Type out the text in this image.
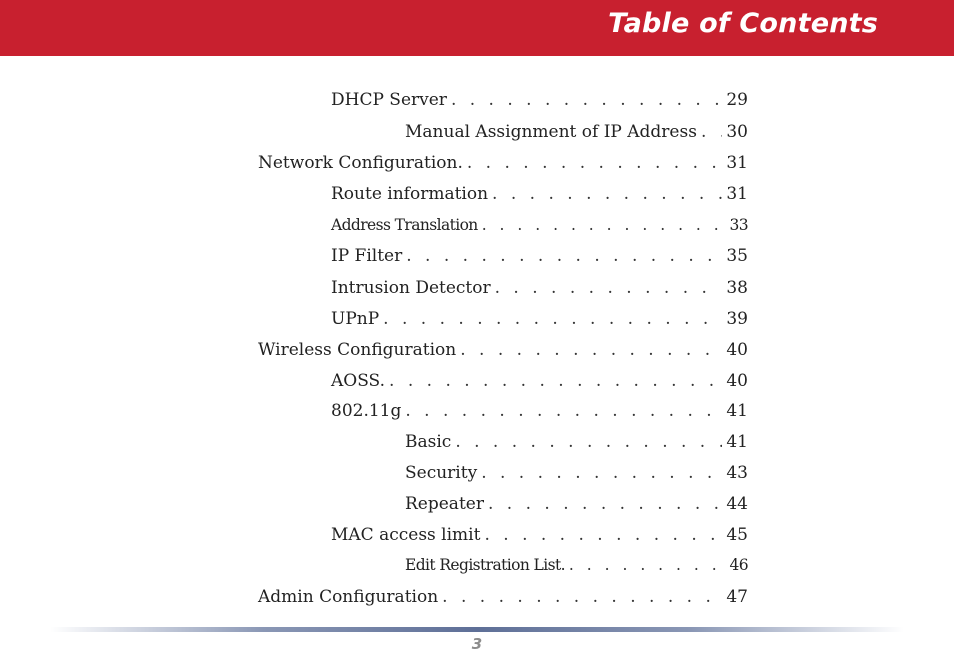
Table of Contents
DHCP Server . . .	29
Manual Assignment of IP Address . . . 30
Network Configuration. . . .	31
Route information . . .	31
Address Translation . . .	33
IP Filter . . .	35
Intrusion Detector . . .	38
UPnP . . .	39
Wireless Configuration . . .	40
AOSS. . . .	40
802.11g . . .	41
Basic . . .	41
Security . . .	43
Repeater . . .	44
MAC access limit . . .	45
Edit Registration List. . . .	46
Admin Configuration . . .	47
3
